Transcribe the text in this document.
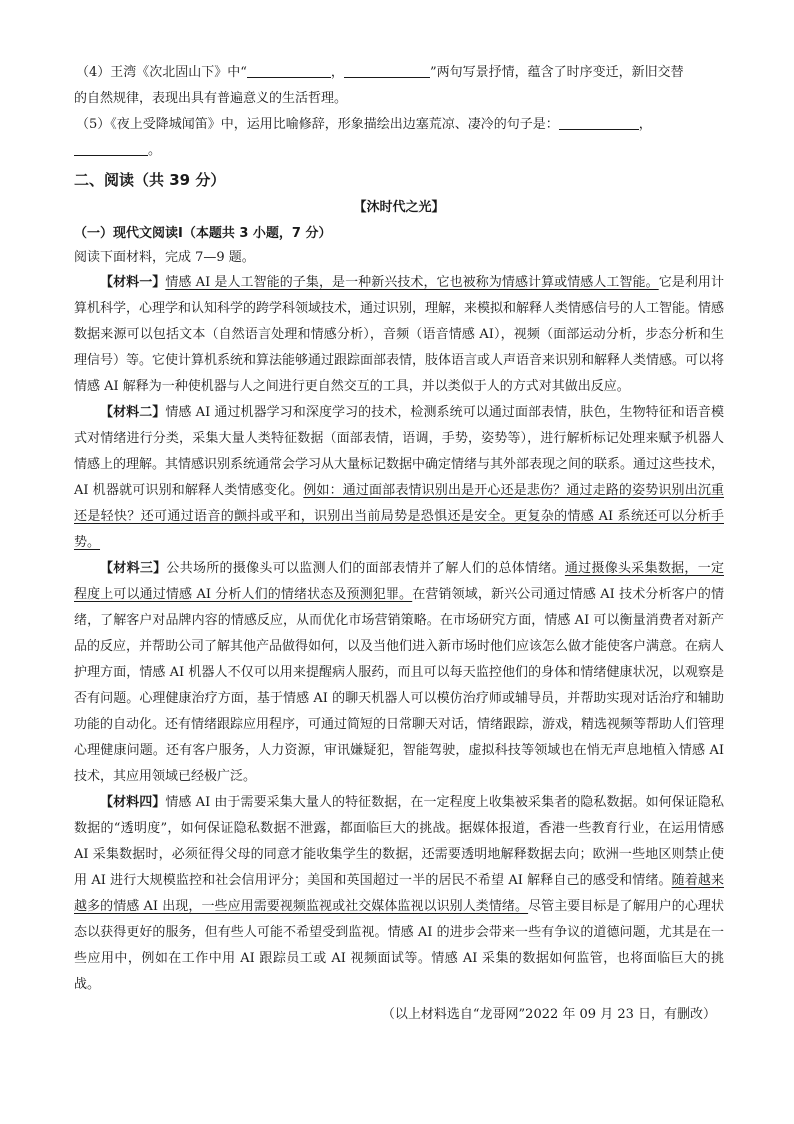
（4）王湾《次北固山下》中“	，	”两句写景抒情，蕴含了时序变迁，新旧交替
的自然规律，表现出具有普遍意义的生活哲理。
（5）《夜上受降城闻笛》中，运用比喻修辞，形象描绘出边塞荒凉、凄冷的句子是：	，
。
二、阅读（共 39 分）
【沐时代之光】
（一）现代文阅读Ⅰ（本题共 3 小题，7 分）
阅读下面材料，完成 7—9 题。

【材料一】情感 AI 是人工智能的子集，是一种新兴技术，它也被称为情感计算或情感人工智能。它是利用计算机科学，心理学和认知科学的跨学科领域技术，通过识别，理解，来模拟和解释人类情感信号的人工智能。情感数据来源可以包括文本（自然语言处理和情感分析），音频（语音情感 AI），视频（面部运动分析，步态分析和生理信号）等。它使计算机系统和算法能够通过跟踪面部表情，肢体语言或人声语音来识别和解释人类情感。可以将情感 AI 解释为一种使机器与人之间进行更自然交互的工具，并以类似于人的方式对其做出反应。

【材料二】情感 AI 通过机器学习和深度学习的技术，检测系统可以通过面部表情，肤色，生物特征和语音模式对情绪进行分类，采集大量人类特征数据（面部表情，语调，手势，姿势等），进行解析标记处理来赋予机器人情感上的理解。其情感识别系统通常会学习从大量标记数据中确定情绪与其外部表现之间的联系。通过这些技术，AI 机器就可识别和解释人类情感变化。例如：通过面部表情识别出是开心还是悲伤？通过走路的姿势识别出沉重还是轻快？还可通过语音的颤抖或平和，识别出当前局势是恐惧还是安全。更复杂的情感 AI 系统还可以分析手势。

【材料三】公共场所的摄像头可以监测人们的面部表情并了解人们的总体情绪。通过摄像头采集数据，一定程度上可以通过情感 AI 分析人们的情绪状态及预测犯罪。在营销领域，新兴公司通过情感 AI 技术分析客户的情绪，了解客户对品牌内容的情感反应，从而优化市场营销策略。在市场研究方面，情感 AI 可以衡量消费者对新产品的反应，并帮助公司了解其他产品做得如何，以及当他们进入新市场时他们应该怎么做才能使客户满意。在病人护理方面，情感 AI 机器人不仅可以用来提醒病人服药，而且可以每天监控他们的身体和情绪健康状况，以观察是否有问题。心理健康治疗方面，基于情感 AI 的聊天机器人可以模仿治疗师或辅导员，并帮助实现对话治疗和辅助功能的自动化。还有情绪跟踪应用程序，可通过简短的日常聊天对话，情绪跟踪，游戏，精选视频等帮助人们管理心理健康问题。还有客户服务，人力资源，审讯嫌疑犯，智能驾驶，虚拟科技等领域也在悄无声息地植入情感 AI 技术，其应用领域已经极广泛。

【材料四】情感 AI 由于需要采集大量人的特征数据，在一定程度上收集被采集者的隐私数据。如何保证隐私数据的“透明度”，如何保证隐私数据不泄露，都面临巨大的挑战。据媒体报道，香港一些教育行业，在运用情感 AI 采集数据时，必须征得父母的同意才能收集学生的数据，还需要透明地解释数据去向；欧洲一些地区则禁止使用 AI 进行大规模监控和社会信用评分；美国和英国超过一半的居民不希望 AI 解释自己的感受和情绪。随着越来越多的情感 AI 出现，一些应用需要视频监视或社交媒体监视以识别人类情绪。尽管主要目标是了解用户的心理状态以获得更好的服务，但有些人可能不希望受到监视。情感 AI 的进步会带来一些有争议的道德问题，尤其是在一些应用中，例如在工作中用 AI 跟踪员工或 AI 视频面试等。情感 AI 采集的数据如何监管，也将面临巨大的挑战。

（以上材料选自“龙哥网”2022 年 09 月 23 日，有删改）
